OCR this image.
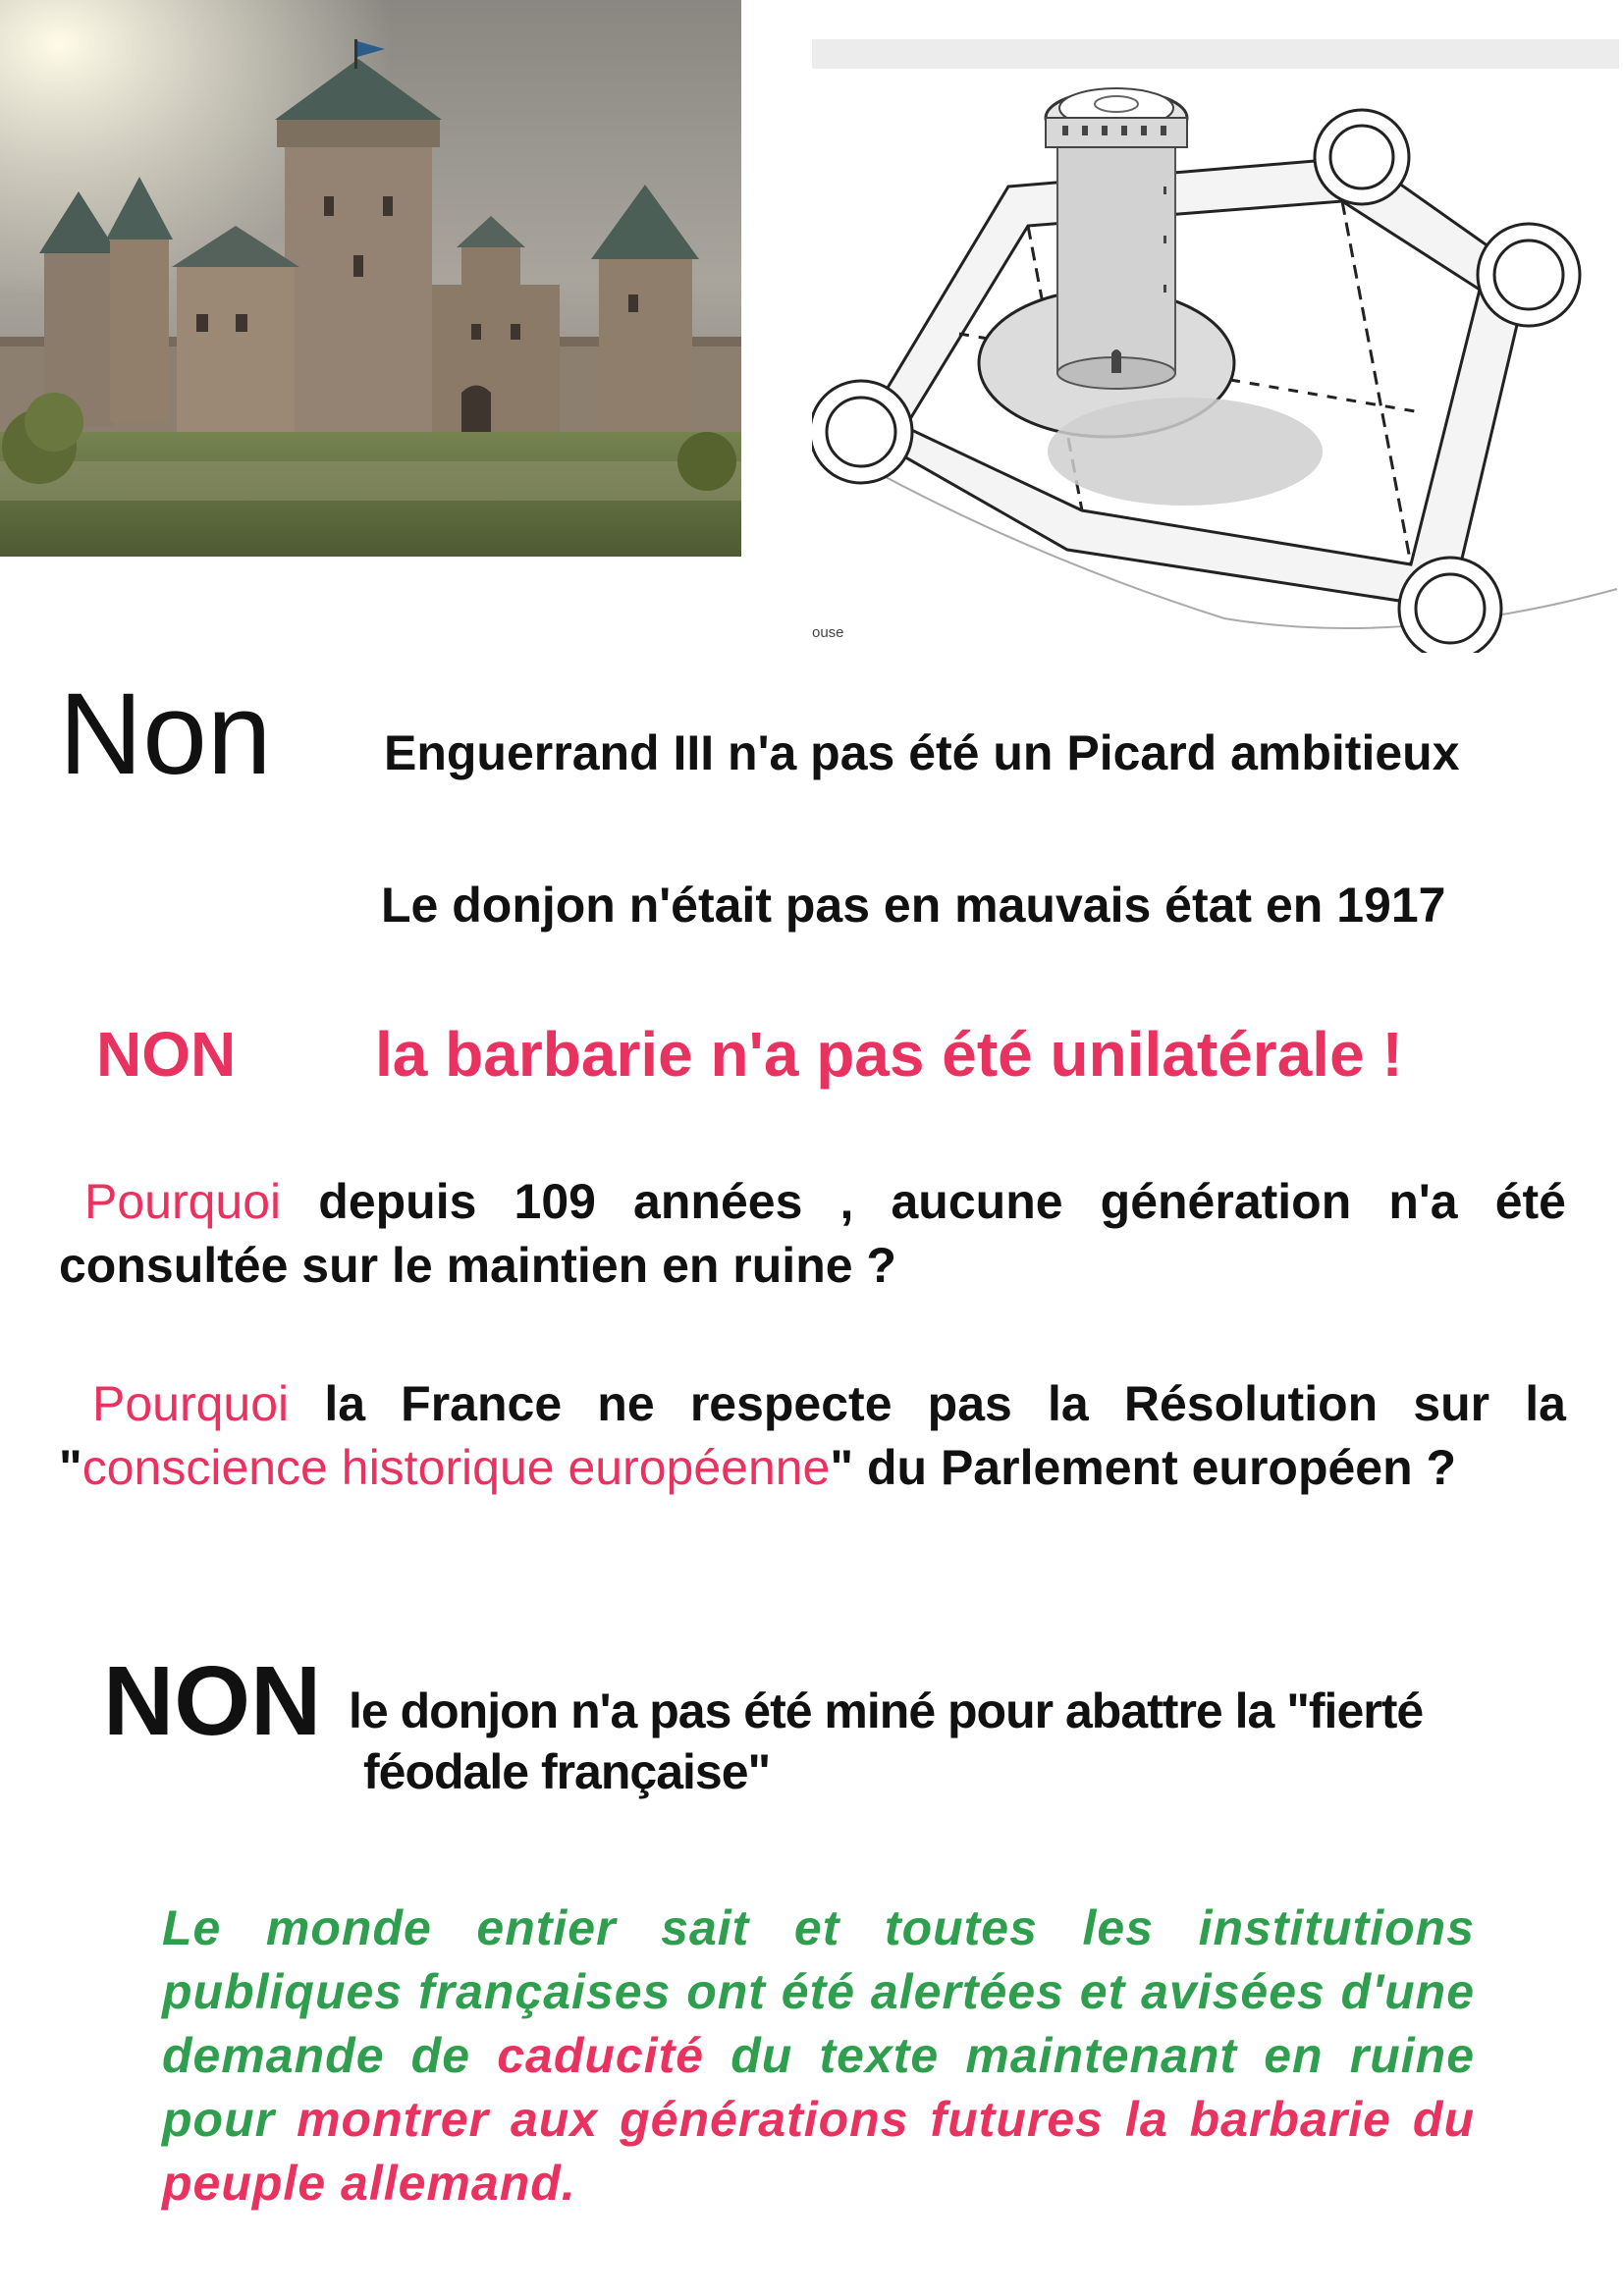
ouse
Non Enguerrand III n'a pas été un Picard ambitieux
Le donjon n'était pas en mauvais état en 1917
NON la barbarie n'a pas été unilatérale !
Pourquoi depuis 109 années , aucune génération n'a été consultée sur le maintien en ruine ?
Pourquoi la France ne respecte pas la Résolution sur la "conscience historique européenne" du Parlement européen ?
NON le donjon n'a pas été miné pour abattre la "fierté
féodale française"
Le monde entier sait et toutes les institutions publiques françaises ont été alertées et avisées d'une demande de caducité du texte maintenant en ruine pour montrer aux générations futures la barbarie du peuple allemand.
